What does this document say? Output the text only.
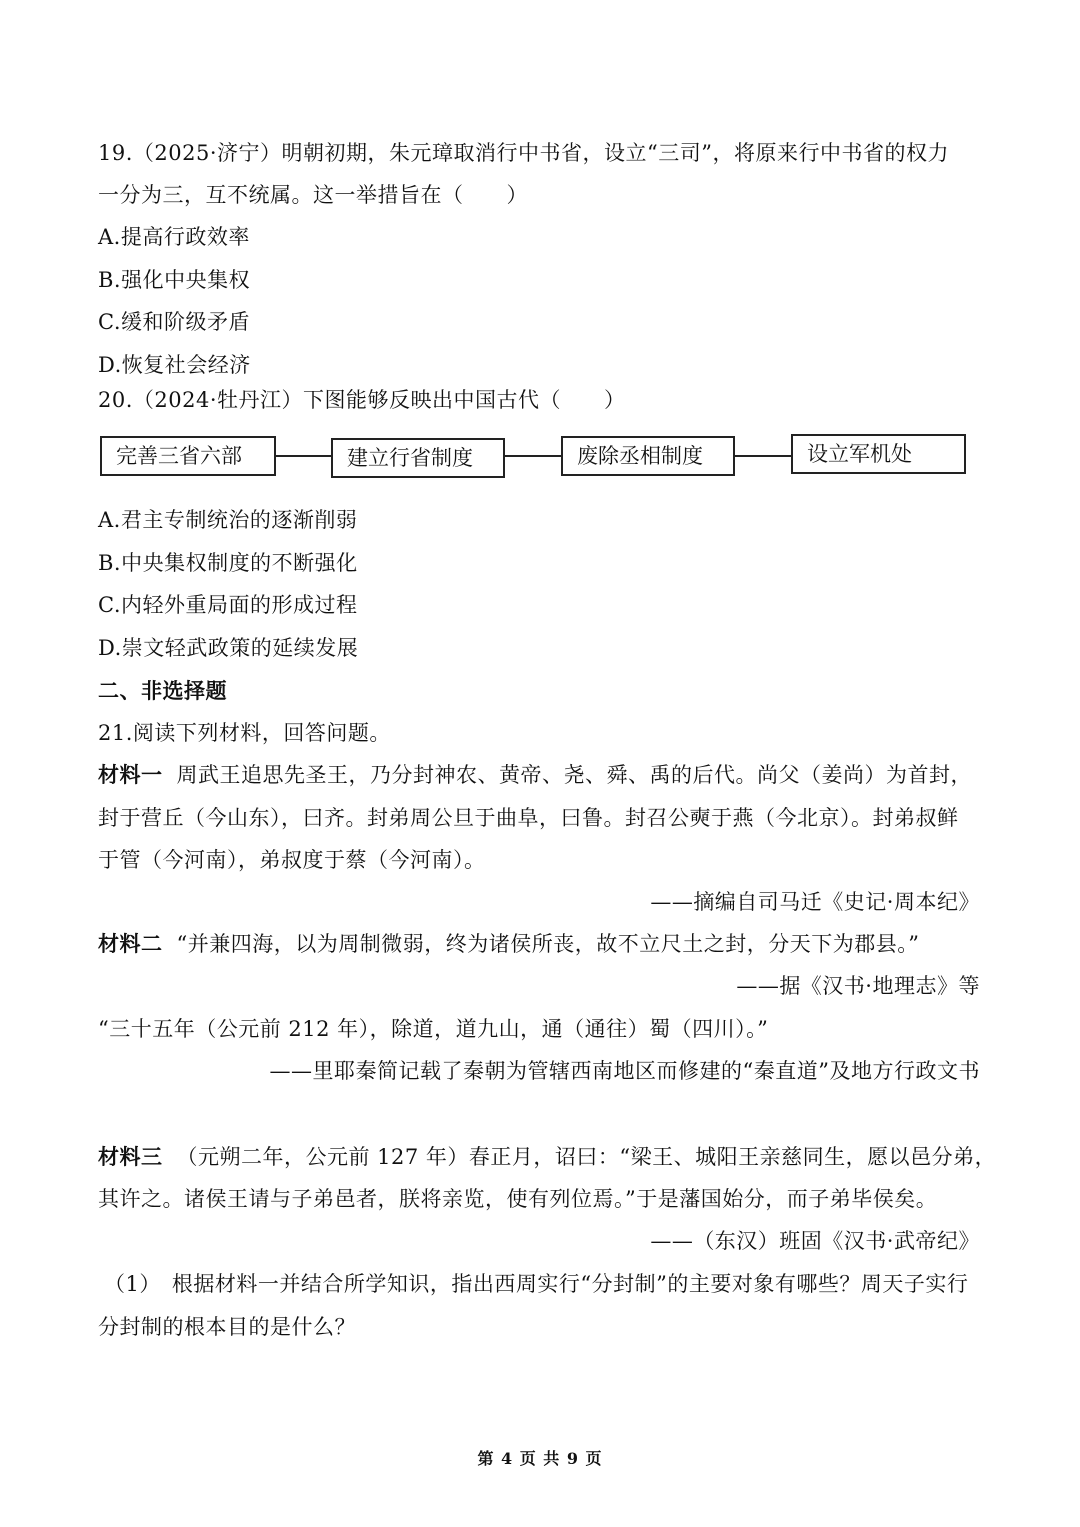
19.（2025·济宁）明朝初期，朱元璋取消行中书省，设立“三司”，将原来行中书省的权力
一分为三，互不统属。这一举措旨在（　　）
A.提高行政效率
B.强化中央集权
C.缓和阶级矛盾
D.恢复社会经济
20.（2024·牡丹江）下图能够反映出中国古代（　　）
完善三省六部	建立行省制度	废除丞相制度	设立军机处
A.君主专制统治的逐渐削弱
B.中央集权制度的不断强化
C.内轻外重局面的形成过程
D.崇文轻武政策的延续发展
二、非选择题
21.阅读下列材料，回答问题。
材料一 周武王追思先圣王，乃分封神农、黄帝、尧、舜、禹的后代。尚父（姜尚）为首封，
封于营丘（今山东），曰齐。封弟周公旦于曲阜，曰鲁。封召公奭于燕（今北京）。封弟叔鲜
于管（今河南），弟叔度于蔡（今河南）。
——摘编自司马迁《史记·周本纪》
材料二 “并兼四海，以为周制微弱，终为诸侯所丧，故不立尺土之封，分天下为郡县。”
——据《汉书·地理志》等
“三十五年（公元前 212 年），除道，道九山，通（通往）蜀（四川）。”
——里耶秦简记载了秦朝为管辖西南地区而修建的“秦直道”及地方行政文书
材料三 （元朔二年，公元前 127 年）春正月，诏曰：“梁王、城阳王亲慈同生，愿以邑分弟，
其许之。诸侯王请与子弟邑者，朕将亲览，使有列位焉。”于是藩国始分，而子弟毕侯矣。
——（东汉）班固《汉书·武帝纪》
（1）　根据材料一并结合所学知识，指出西周实行“分封制”的主要对象有哪些？周天子实行
分封制的根本目的是什么？
第 4 页 共 9 页
